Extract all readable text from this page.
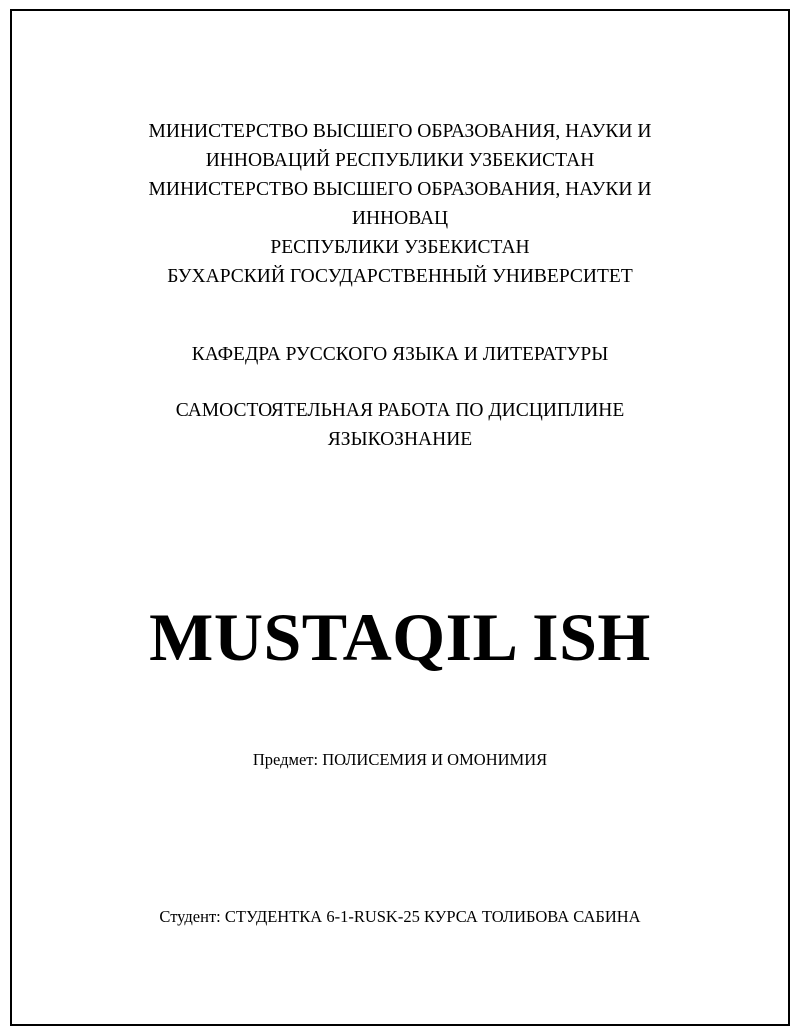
МИНИСТЕРСТВО ВЫСШЕГО ОБРАЗОВАНИЯ, НАУКИ И
ИННОВАЦИЙ РЕСПУБЛИКИ УЗБЕКИСТАН
МИНИСТЕРСТВО ВЫСШЕГО ОБРАЗОВАНИЯ, НАУКИ И
ИННОВАЦ
РЕСПУБЛИКИ УЗБЕКИСТАН
БУХАРСКИЙ ГОСУДАРСТВЕННЫЙ УНИВЕРСИТЕТ
КАФЕДРА РУССКОГО ЯЗЫКА И ЛИТЕРАТУРЫ
САМОСТОЯТЕЛЬНАЯ РАБОТА ПО ДИСЦИПЛИНЕ
ЯЗЫКОЗНАНИЕ
MUSTAQIL ISH
Предмет: ПОЛИСЕМИЯ И ОМОНИМИЯ
Студент: СТУДЕНТКА 6-1-RUSK-25 КУРСА ТОЛИБОВА САБИНА
